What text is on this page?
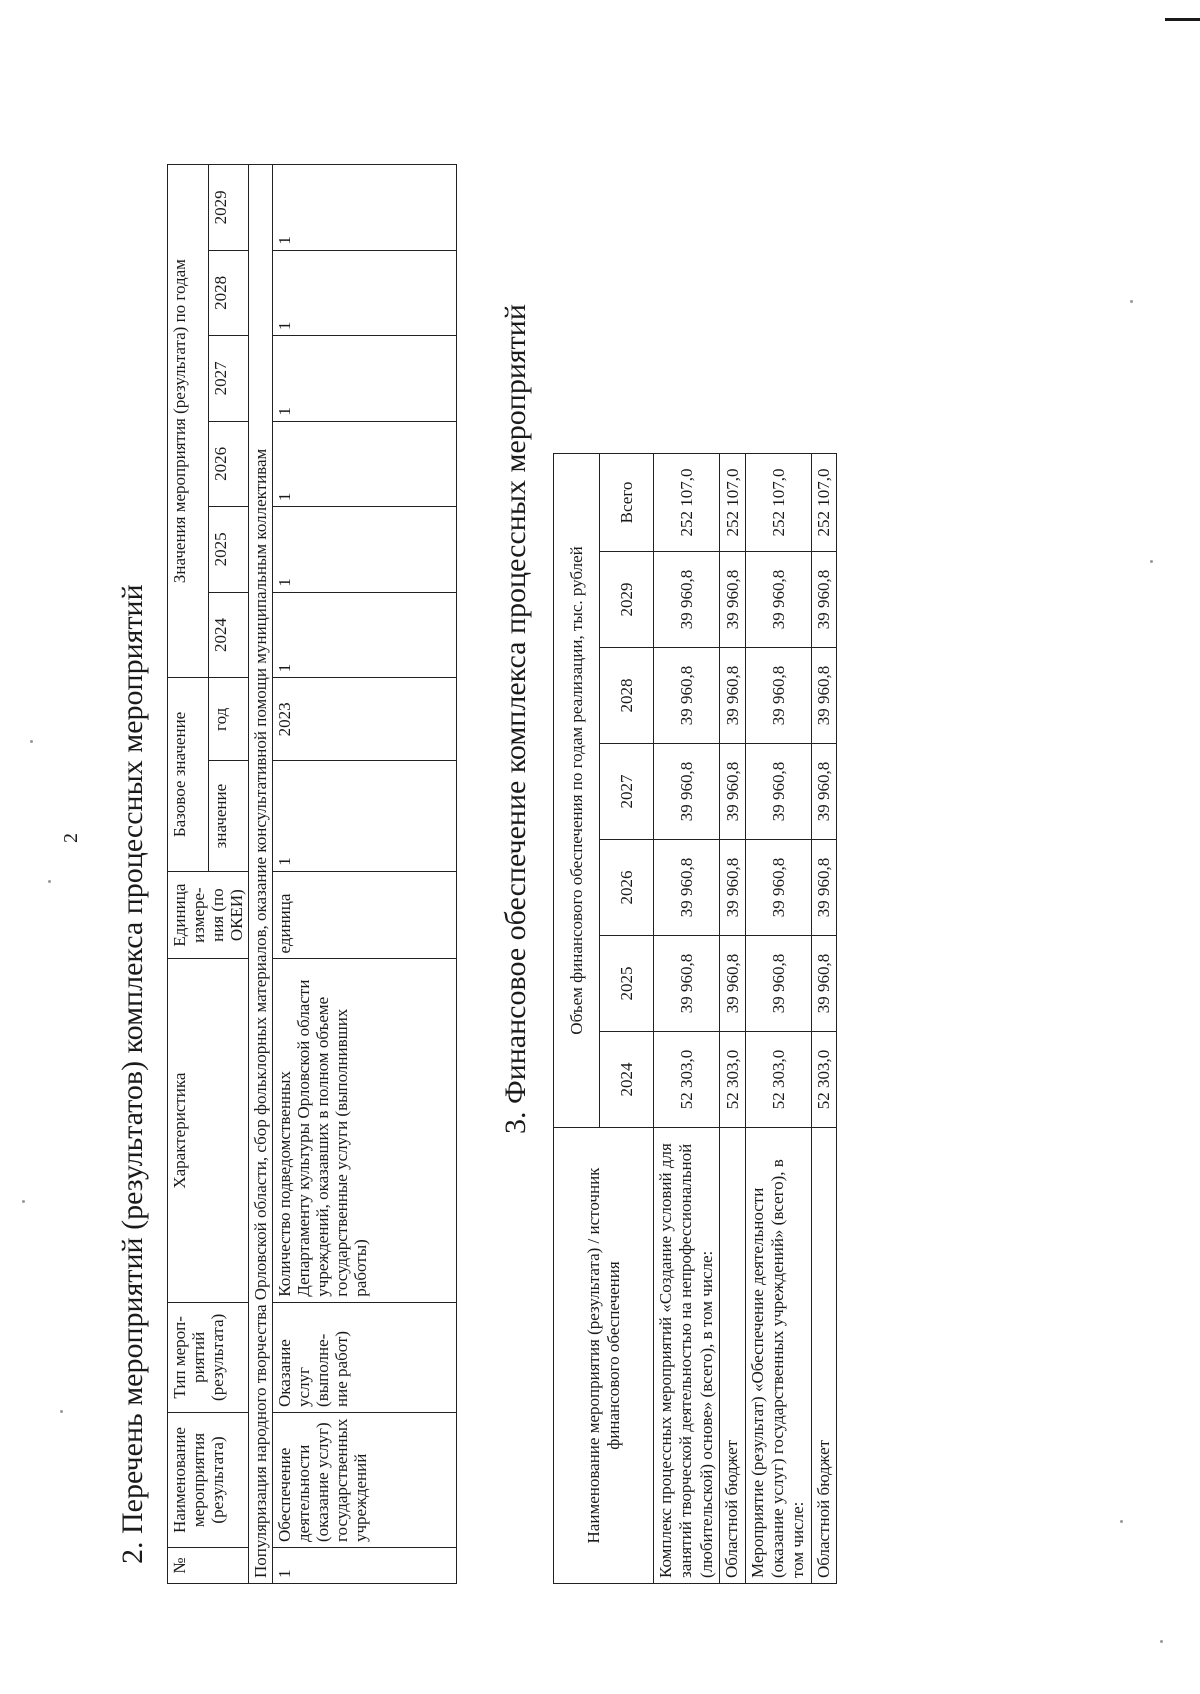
2 2. Перечень мероприятий (результатов) комплекса процессных мероприятий
№	Наименование мероприятия (результата)	Тип мероп- риятий (результата)	Характеристика	Единица измере- ния (по ОКЕИ)	Базовое значение		Значения мероприятия (результата) по годам					
					значение	год	2024	2025	2026	2027	2028	2029
Популяризация народного творчества Орловской области, сбор фольклорных материалов, оказание консультативной помощи муниципальным коллективам												
1	Обеспечение деятельности (оказание услуг) государственных учреждений	Оказание услуг (выполне- ние работ)	Количество подведомственных Департаменту культуры Орловской области учреждений, оказавших в полном объеме государственные услуги (выполнивших работы)	единица	1	2023	1	1	1	1	1	1
3. Финансовое обеспечение комплекса процессных мероприятий
Наименование мероприятия (результата) / источник финансового обеспечения	Объем финансового обеспечения по годам реализации, тыс. рублей						
	2024	2025	2026	2027	2028	2029	Всего
Комплекс процессных мероприятий «Создание условий для занятий творческой деятельностью на непрофессиональной (любительской) основе» (всего), в том числе:	52 303,0	39 960,8	39 960,8	39 960,8	39 960,8	39 960,8	252 107,0
Областной бюджет	52 303,0	39 960,8	39 960,8	39 960,8	39 960,8	39 960,8	252 107,0
Мероприятие (результат) «Обеспечение деятельности (оказание услуг) государственных учреждений» (всего), в том числе:	52 303,0	39 960,8	39 960,8	39 960,8	39 960,8	39 960,8	252 107,0
Областной бюджет	52 303,0	39 960,8	39 960,8	39 960,8	39 960,8	39 960,8	252 107,0
